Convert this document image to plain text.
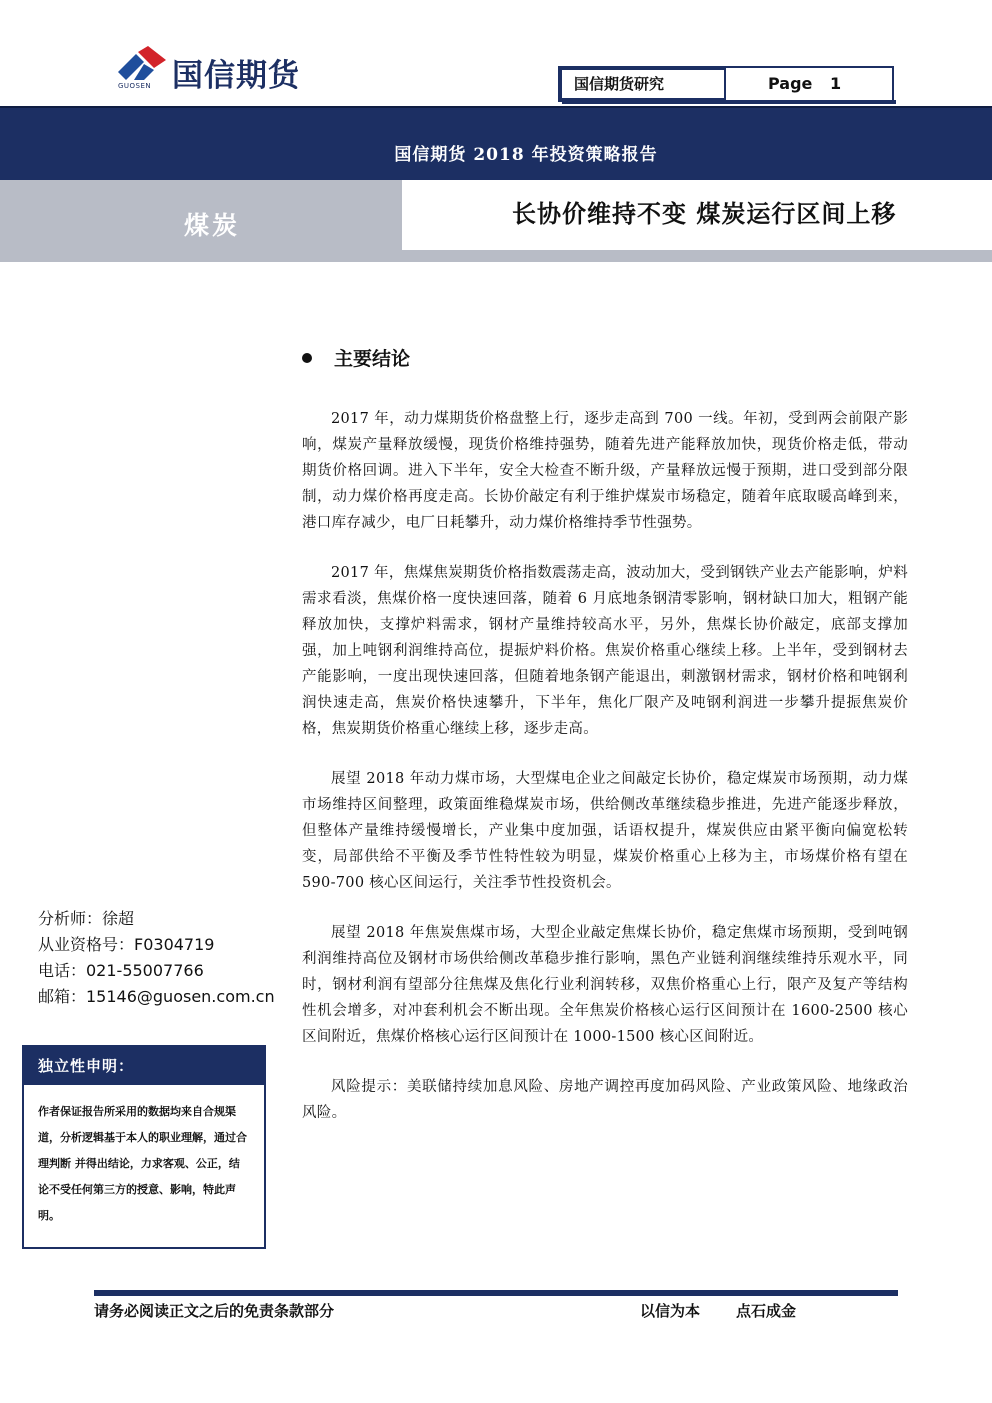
国信期货
GUOSEN	国信期货研究	Page 1
国信期货 2018 年投资策略报告
煤炭	长协价维持不变 煤炭运行区间上移
2017 年 12 月 22 日
主要结论

2017 年，动力煤期货价格盘整上行，逐步走高到 700 一线。年初，受到两会前限产影响，煤炭产量释放缓慢，现货价格维持强势，随着先进产能释放加快，现货价格走低，带动期货价格回调。进入下半年，安全大检查不断升级，产量释放远慢于预期，进口受到部分限制，动力煤价格再度走高。长协价敲定有利于维护煤炭市场稳定，随着年底取暖高峰到来，港口库存减少，电厂日耗攀升，动力煤价格维持季节性强势。

2017 年，焦煤焦炭期货价格指数震荡走高，波动加大，受到钢铁产业去产能影响，炉料需求看淡，焦煤价格一度快速回落，随着 6 月底地条钢清零影响，钢材缺口加大，粗钢产能释放加快，支撑炉料需求，钢材产量维持较高水平，另外，焦煤长协价敲定，底部支撑加强，加上吨钢利润维持高位，提振炉料价格。焦炭价格重心继续上移。上半年，受到钢材去产能影响，一度出现快速回落，但随着地条钢产能退出，刺激钢材需求，钢材价格和吨钢利润快速走高，焦炭价格快速攀升，下半年，焦化厂限产及吨钢利润进一步攀升提振焦炭价格，焦炭期货价格重心继续上移，逐步走高。

展望 2018 年动力煤市场，大型煤电企业之间敲定长协价，稳定煤炭市场预期，动力煤市场维持区间整理，政策面维稳煤炭市场，供给侧改革继续稳步推进，先进产能逐步释放，但整体产量维持缓慢增长，产业集中度加强，话语权提升，煤炭供应由紧平衡向偏宽松转变，局部供给不平衡及季节性特性较为明显，煤炭价格重心上移为主，市场煤价格有望在 590-700 核心区间运行，关注季节性投资机会。

展望 2018 年焦炭焦煤市场，大型企业敲定焦煤长协价，稳定焦煤市场预期，受到吨钢利润维持高位及钢材市场供给侧改革稳步推行影响，黑色产业链利润继续维持乐观水平，同时，钢材利润有望部分往焦煤及焦化行业利润转移，双焦价格重心上行，限产及复产等结构性机会增多，对冲套利机会不断出现。全年焦炭价格核心运行区间预计在 1600-2500 核心区间附近，焦煤价格核心运行区间预计在 1000-1500 核心区间附近。

风险提示：美联储持续加息风险、房地产调控再度加码风险、产业政策风险、地缘政治风险。

分析师：徐超
从业资格号：F0304719
电话：021-55007766
邮箱：15146@guosen.com.cn
独立性申明：
作者保证报告所采用的数据均来自合规渠道，分析逻辑基于本人的职业理解，通过合理判断 并得出结论，力求客观、公正，结论不受任何第三方的授意、影响，特此声明。
请务必阅读正文之后的免责条款部分	以信为本 点石成金
